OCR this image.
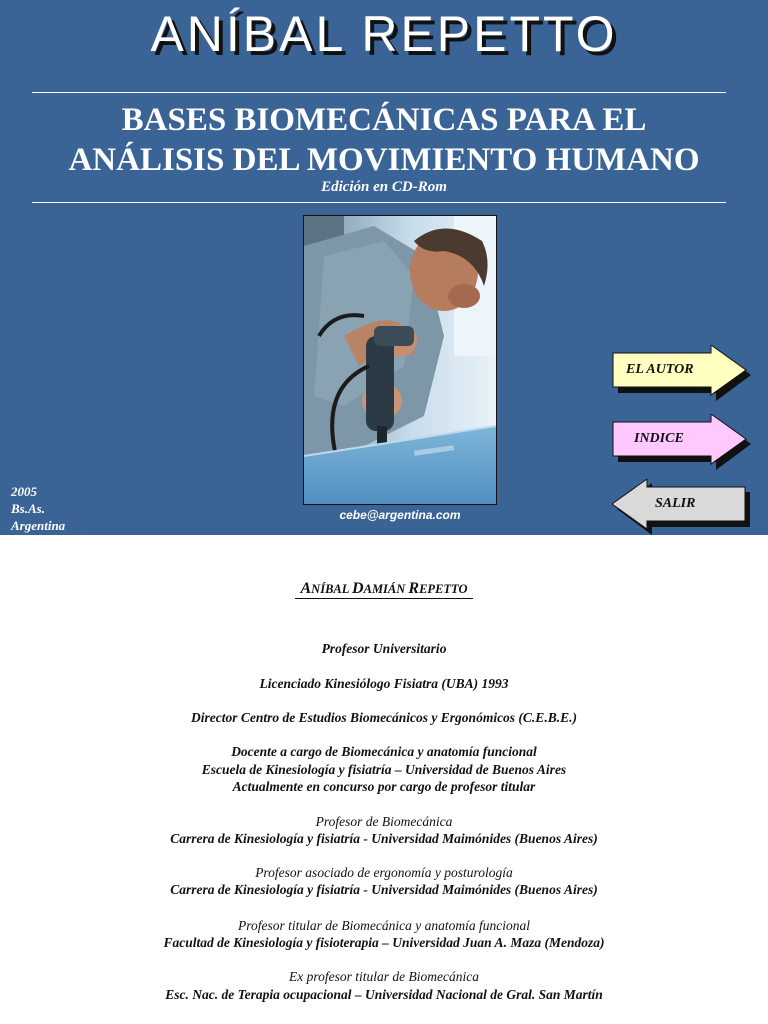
ANÍBAL REPETTO
BASES BIOMECÁNICAS PARA EL
ANÁLISIS DEL MOVIMIENTO HUMANO
Edición en CD-Rom
cebe@argentina.com
2005
Bs.As.
Argentina
EL AUTOR
INDICE
SALIR
ANÍBAL DAMIÁN REPETTO
Profesor Universitario
Licenciado Kinesiólogo Fisiatra (UBA) 1993
Director Centro de Estudios Biomecánicos y Ergonómicos (C.E.B.E.)
Docente a cargo de Biomecánica y anatomía funcional
Escuela de Kinesiología y fisiatría – Universidad de Buenos Aires
Actualmente en concurso por cargo de profesor titular
Profesor de Biomecánica
Carrera de Kinesiología y fisiatría - Universidad Maimónides (Buenos Aires)
Profesor asociado de ergonomía y posturología
Carrera de Kinesiología y fisiatría - Universidad Maimónides (Buenos Aires)
Profesor titular de Biomecánica y anatomía funcional
Facultad de Kinesiología y fisioterapia – Universidad Juan A. Maza (Mendoza)
Ex profesor titular de Biomecánica
Esc. Nac. de Terapia ocupacional – Universidad Nacional de Gral. San Martín
